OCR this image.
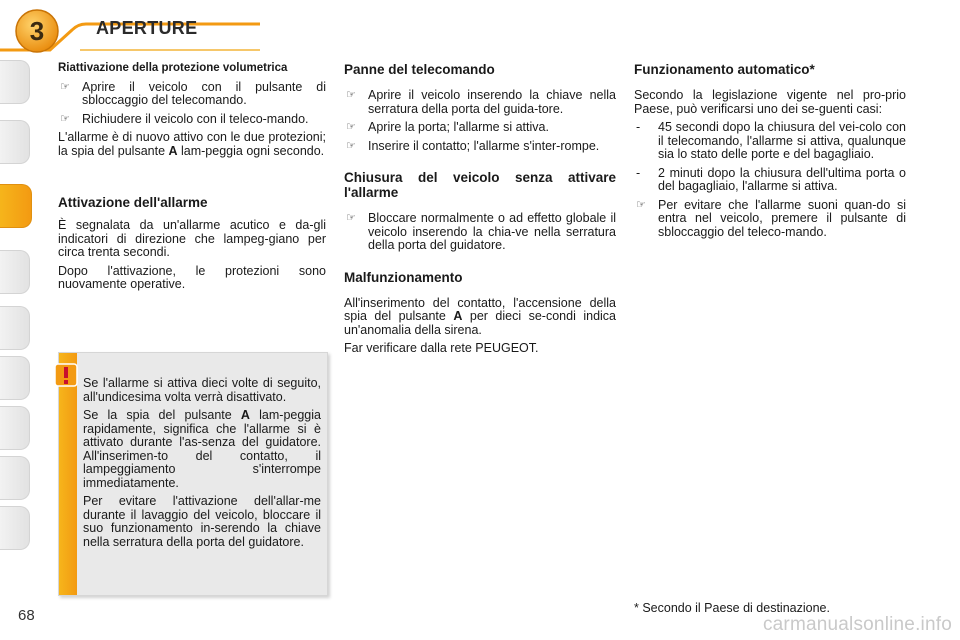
3	APERTURE
Riattivazione della protezione volumetrica
☞ Aprire il veicolo con il pulsante di sbloccaggio del telecomando.
☞ Richiudere il veicolo con il teleco-mando.
L'allarme è di nuovo attivo con le due protezioni; la spia del pulsante A lam-peggia ogni secondo.
Attivazione dell'allarme
È segnalata da un'allarme acutico e da-gli indicatori di direzione che lampeg-giano per circa trenta secondi.
Dopo l'attivazione, le protezioni sono nuovamente operative.
Se l'allarme si attiva dieci volte di seguito, all'undicesima volta verrà disattivato.
Se la spia del pulsante A lam-peggia rapidamente, significa che l'allarme si è attivato durante l'as-senza del guidatore. All'inserimen-to del contatto, il lampeggiamento s'interrompe immediatamente.
Per evitare l'attivazione dell'allar-me durante il lavaggio del veicolo, bloccare il suo funzionamento in-serendo la chiave nella serratura della porta del guidatore.
Panne del telecomando
☞ Aprire il veicolo inserendo la chiave nella serratura della porta del guida-tore.
☞ Aprire la porta; l'allarme si attiva.
☞ Inserire il contatto; l'allarme s'inter-rompe.
Chiusura del veicolo senza attivare l'allarme
☞ Bloccare normalmente o ad effetto globale il veicolo inserendo la chia-ve nella serratura della porta del guidatore.
Malfunzionamento
All'inserimento del contatto, l'accensione della spia del pulsante A per dieci se-condi indica un'anomalia della sirena.
Far verificare dalla rete PEUGEOT.
Funzionamento automatico*
Secondo la legislazione vigente nel pro-prio Paese, può verificarsi uno dei se-guenti casi:
- 45 secondi dopo la chiusura del vei-colo con il telecomando, l'allarme si attiva, qualunque sia lo stato delle porte e del bagagliaio.
- 2 minuti dopo la chiusura dell'ultima porta o del bagagliaio, l'allarme si attiva.
☞ Per evitare che l'allarme suoni quan-do si entra nel veicolo, premere il pulsante di sbloccaggio del teleco-mando.
* Secondo il Paese di destinazione.
68	carmanualsonline.info
